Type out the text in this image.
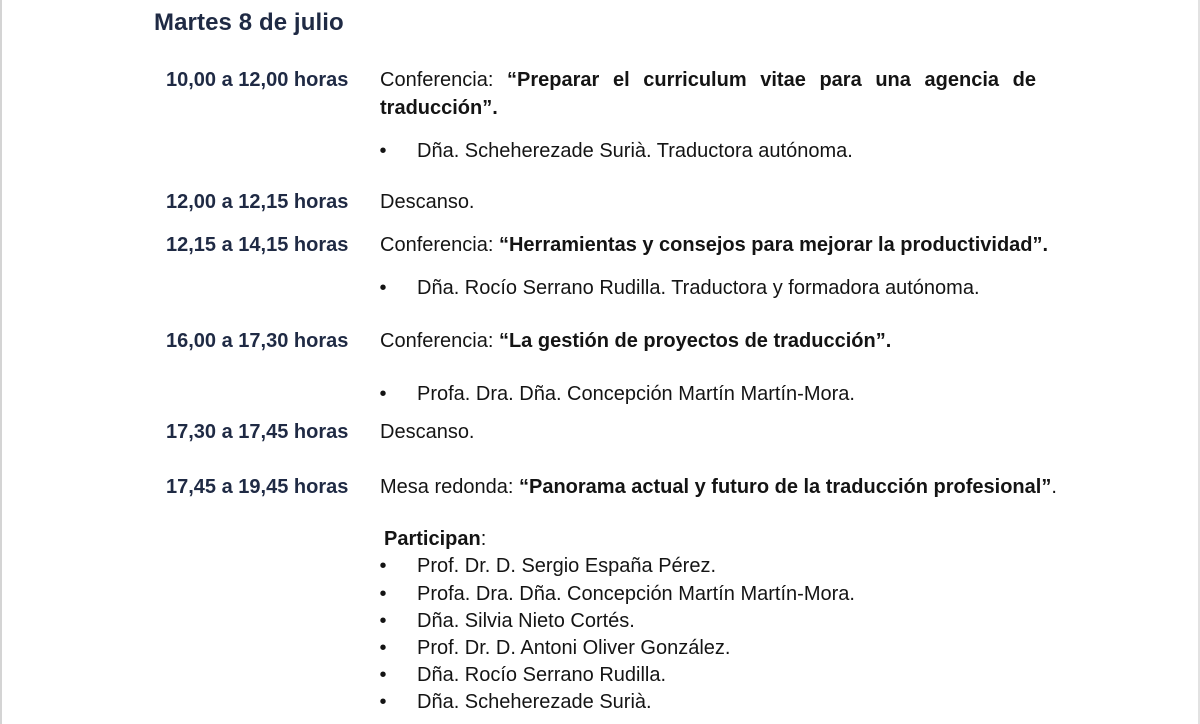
Martes 8 de julio
10,00 a 12,00 horas Conferencia: “Preparar el curriculum vitae para una agencia de
traducción”.
• Dña. Scheherezade Surià. Traductora autónoma.
12,00 a 12,15 horas Descanso.
12,15 a 14,15 horas Conferencia: “Herramientas y consejos para mejorar la productividad”.
• Dña. Rocío Serrano Rudilla. Traductora y formadora autónoma.
16,00 a 17,30 horas Conferencia: “La gestión de proyectos de traducción”.
• Profa. Dra. Dña. Concepción Martín Martín-Mora.
17,30 a 17,45 horas Descanso.
17,45 a 19,45 horas Mesa redonda: “Panorama actual y futuro de la traducción profesional”.
Participan:
• Prof. Dr. D. Sergio España Pérez.
• Profa. Dra. Dña. Concepción Martín Martín-Mora.
• Dña. Silvia Nieto Cortés.
• Prof. Dr. D. Antoni Oliver González.
• Dña. Rocío Serrano Rudilla.
• Dña. Scheherezade Surià.
